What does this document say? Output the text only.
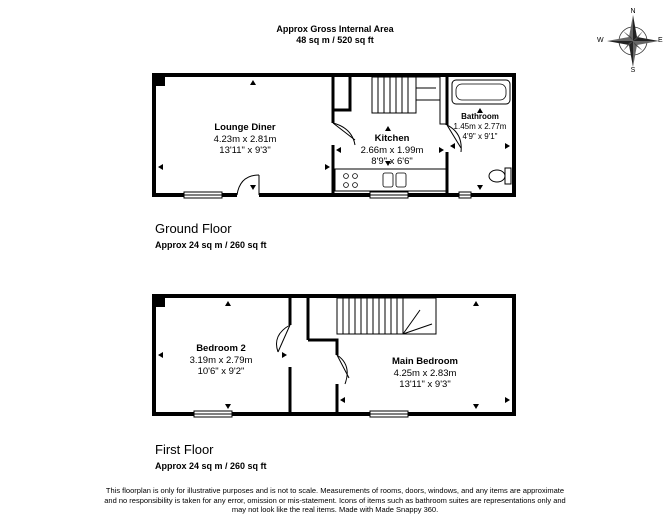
Approx Gross Internal Area
48 sq m / 520 sq ft
N
E
S
W
Lounge Diner
4.23m x 2.81m
13'11" x 9'3"
Kitchen
2.66m x 1.99m
8'9" x 6'6"
Bathroom
1.45m x 2.77m
4'9" x 9'1"
Ground Floor
Approx 24 sq m / 260 sq ft
Bedroom 2
3.19m x 2.79m
10'6" x 9'2"
Main Bedroom
4.25m x 2.83m
13'11" x 9'3"
First Floor
Approx 24 sq m / 260 sq ft
This floorplan is only for illustrative purposes and is not to scale. Measurements of rooms, doors, windows, and any items are approximate
and no responsibility is taken for any error, omission or mis-statement. Icons of items such as bathroom suites are representations only and
may not look like the real items. Made with Made Snappy 360.
